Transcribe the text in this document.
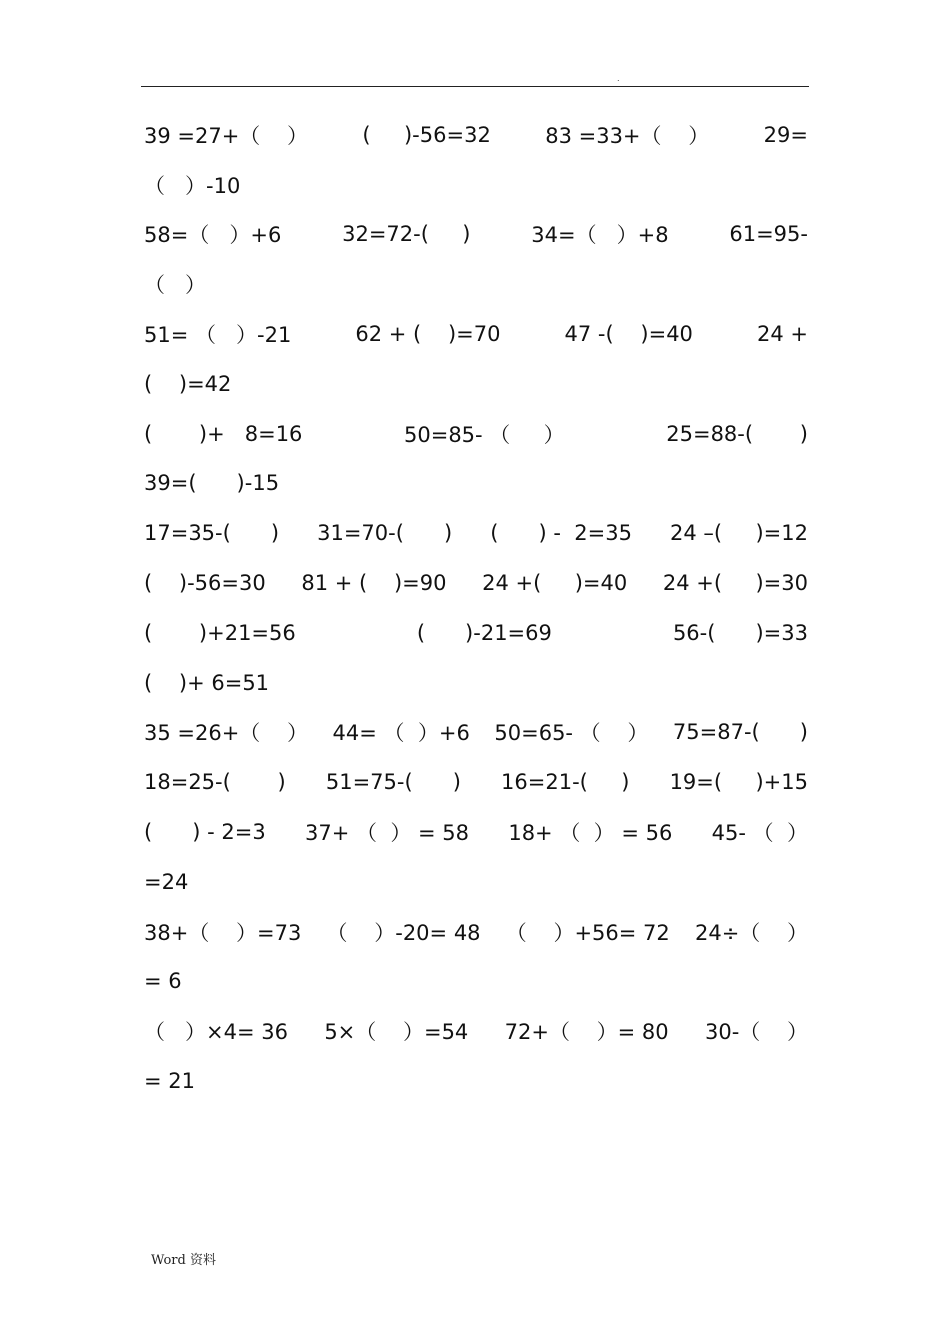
.
39 =27+（    ）	(     )-56=32	83 =33+（    ）	29=
（   ）-10
58=（   ）+6	32=72-(     )	34=（   ）+8	61=95-
（   ）
51= （   ）-21	62 + (    )=70	47 -(    )=40	24 +
(    )=42
(       )+   8=16	50=85- （     ）	25=88-(       )
39=(      )-15
17=35-(      ) 31=70-(      ) (      ) -  2=35 24 –(     )=12
(    )-56=30 81 + (    )=90 24 +(     )=40 24 +(     )=30
(       )+21=56	(      )-21=69	56-(      )=33
(    )+ 6=51
35 =26+（    ） 44= （  ）+6 50=65- （    ） 75=87-(      )
18=25-(       ) 51=75-(      ) 16=21-(     ) 19=(     )+15
(      ) - 2=3 37+ （  ） = 58 18+ （  ） = 56 45- （  ）
=24
38+（    ）=73 （    ）-20= 48 （    ）+56= 72 24÷（    ）
= 6
（   ）×4= 36 5×（    ）=54 72+（    ）= 80 30-（    ）
= 21
Word 资料
